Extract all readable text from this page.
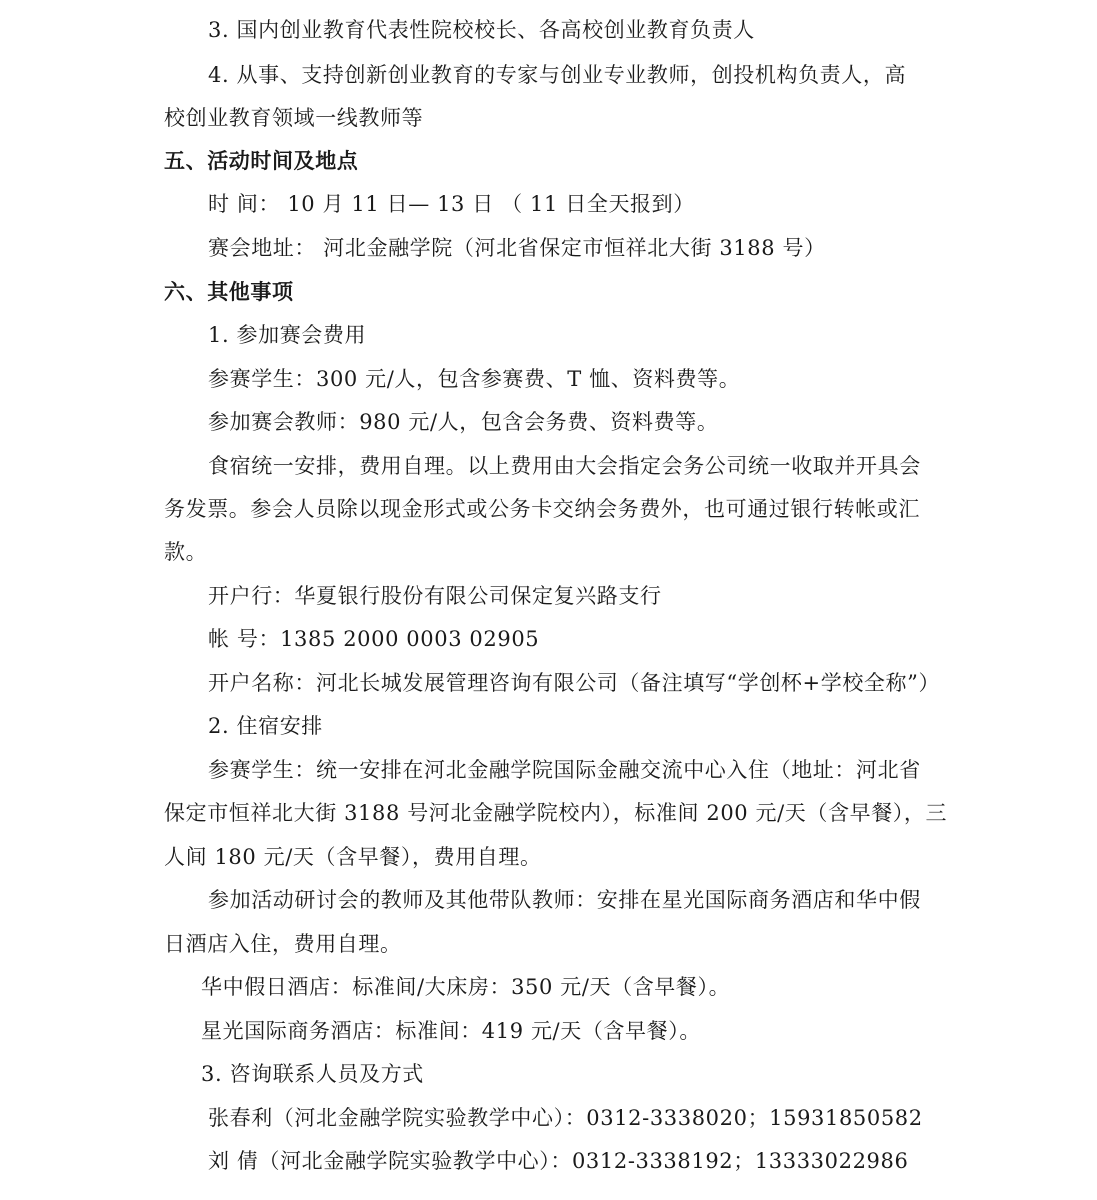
3. 国内创业教育代表性院校校长、各高校创业教育负责人
4. 从事、支持创新创业教育的专家与创业专业教师，创投机构负责人，高
校创业教育领域一线教师等
五、活动时间及地点
时 间： 10 月 11 日— 13 日 （ 11 日全天报到）
赛会地址： 河北金融学院（河北省保定市恒祥北大街 3188 号）
六、其他事项
1. 参加赛会费用
参赛学生：300 元/人，包含参赛费、T 恤、资料费等。
参加赛会教师：980 元/人，包含会务费、资料费等。
食宿统一安排，费用自理。以上费用由大会指定会务公司统一收取并开具会
务发票。参会人员除以现金形式或公务卡交纳会务费外，也可通过银行转帐或汇
款。
开户行：华夏银行股份有限公司保定复兴路支行
帐 号：1385 2000 0003 02905
开户名称：河北长城发展管理咨询有限公司（备注填写“学创杯+学校全称”）
2. 住宿安排
参赛学生：统一安排在河北金融学院国际金融交流中心入住（地址：河北省
保定市恒祥北大街 3188 号河北金融学院校内），标准间 200 元/天（含早餐），三
人间 180 元/天（含早餐），费用自理。
参加活动研讨会的教师及其他带队教师：安排在星光国际商务酒店和华中假
日酒店入住，费用自理。
华中假日酒店：标准间/大床房：350 元/天（含早餐）。
星光国际商务酒店：标准间：419 元/天（含早餐）。
3. 咨询联系人员及方式
张春利（河北金融学院实验教学中心）：0312-3338020；15931850582
刘 倩（河北金融学院实验教学中心）：0312-3338192；13333022986
